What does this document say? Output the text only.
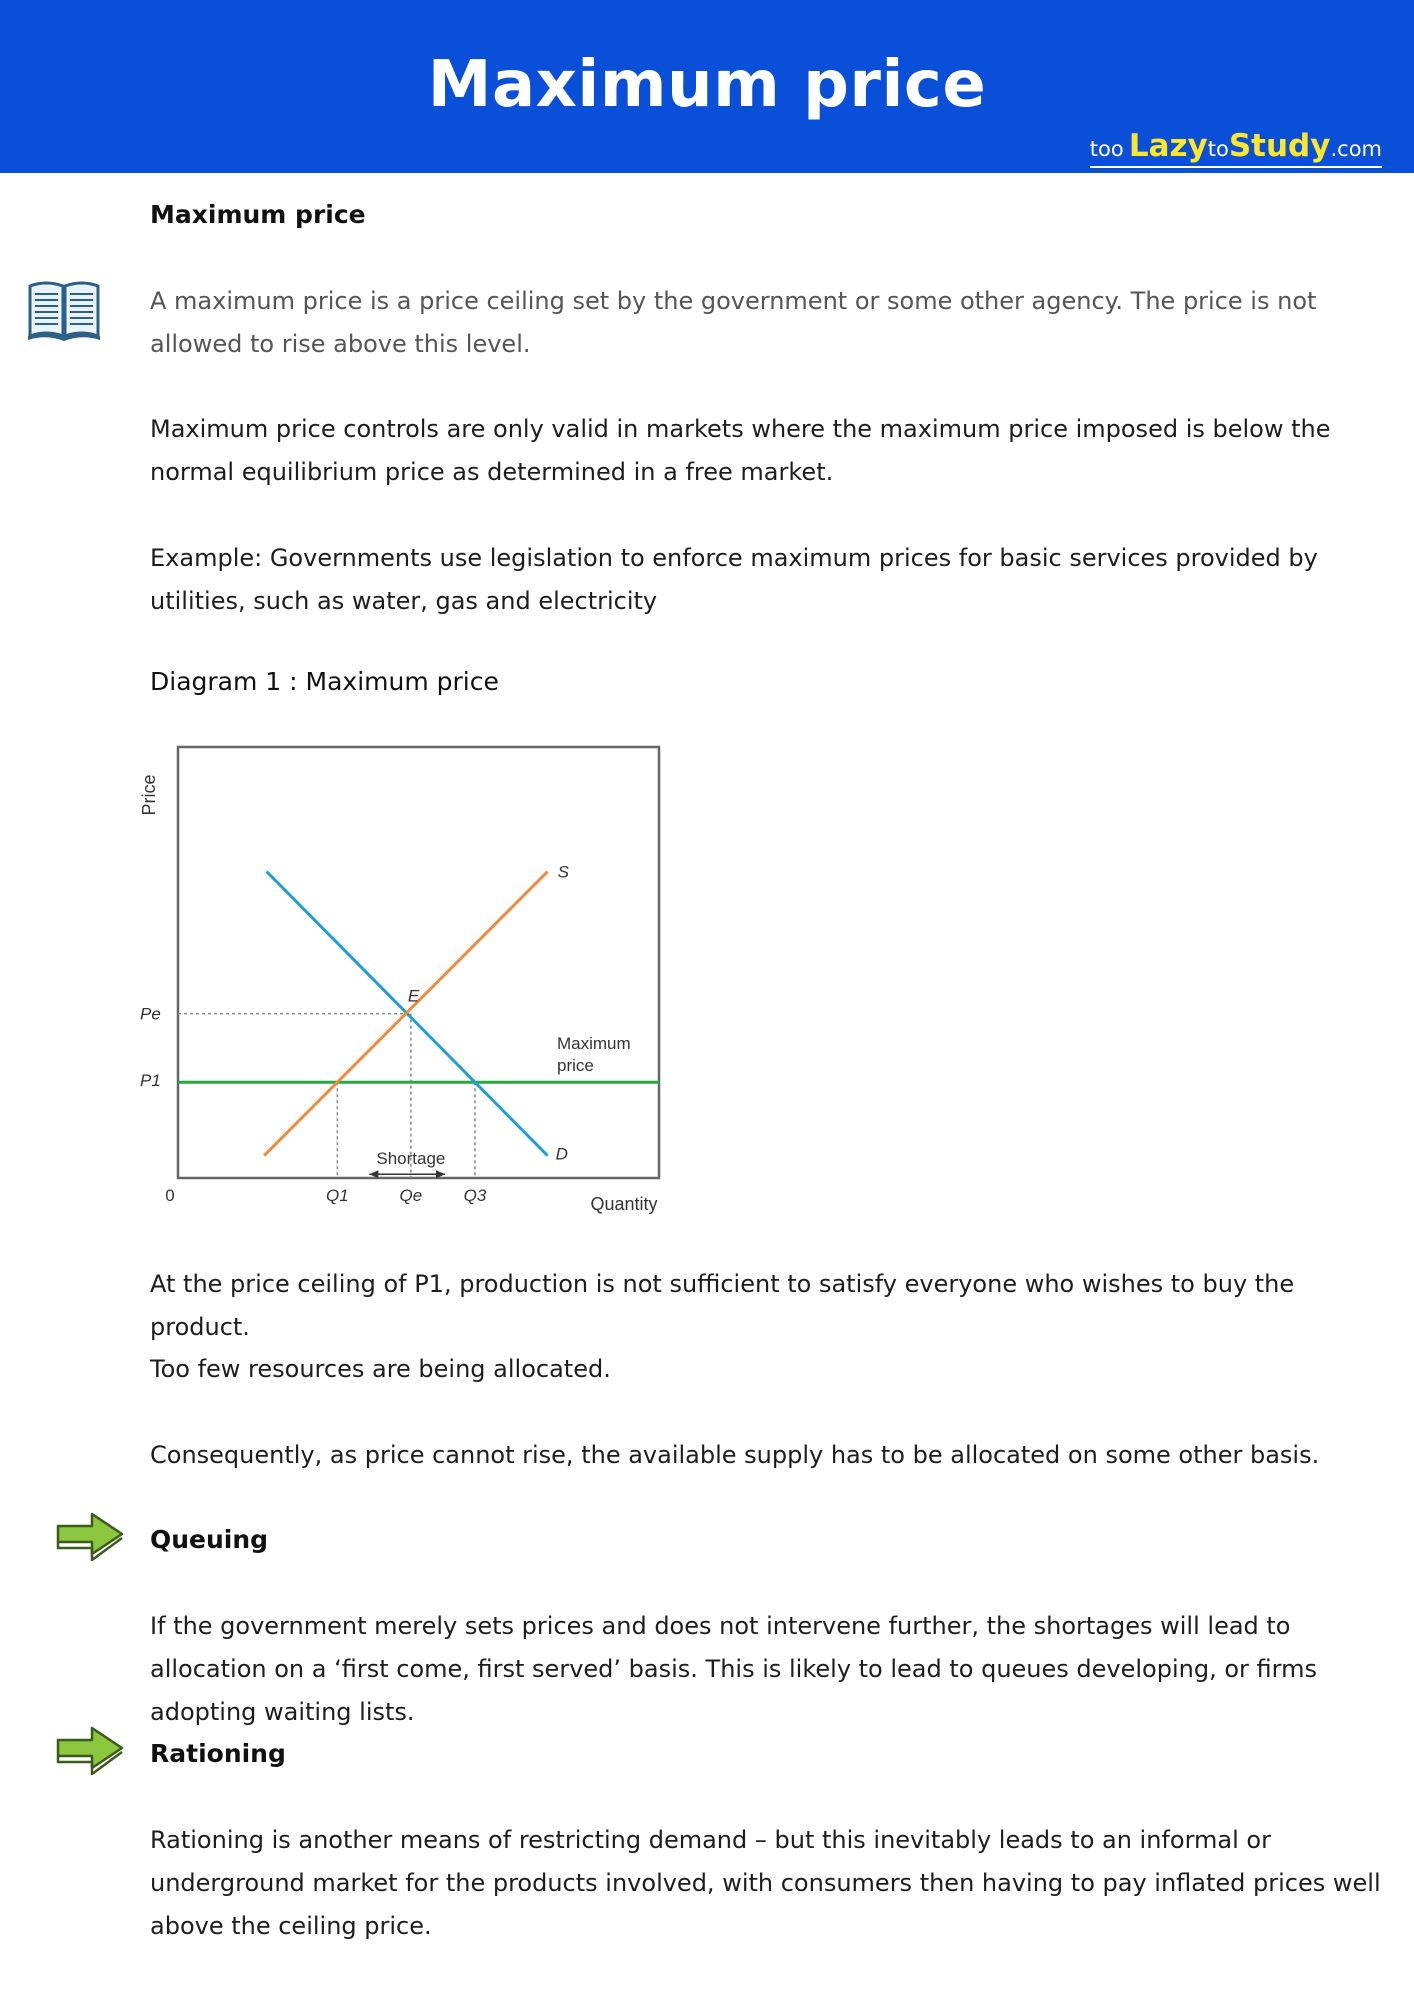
Maximum price
too LazytoStudy.com
Maximum price
A maximum price is a price ceiling set by the government or some other agency. The price is not allowed to rise above this level.
Maximum price controls are only valid in markets where the maximum price imposed is below the normal equilibrium price as determined in a free market.
Example: Governments use legislation to enforce maximum prices for basic services provided by utilities, such as water, gas and electricity
Diagram 1 : Maximum price
Price
0	Quantity
S
D
E
Maximum
price
Pe
P1
Q1	Qe Q3
Shortage
At the price ceiling of P1, production is not sufficient to satisfy everyone who wishes to buy the product.
Too few resources are being allocated.
Consequently, as price cannot rise, the available supply has to be allocated on some other basis.
Queuing
If the government merely sets prices and does not intervene further, the shortages will lead to allocation on a ‘first come, first served’ basis. This is likely to lead to queues developing, or firms adopting waiting lists.
Rationing
Rationing is another means of restricting demand – but this inevitably leads to an informal or underground market for the products involved, with consumers then having to pay inflated prices well above the ceiling price.
